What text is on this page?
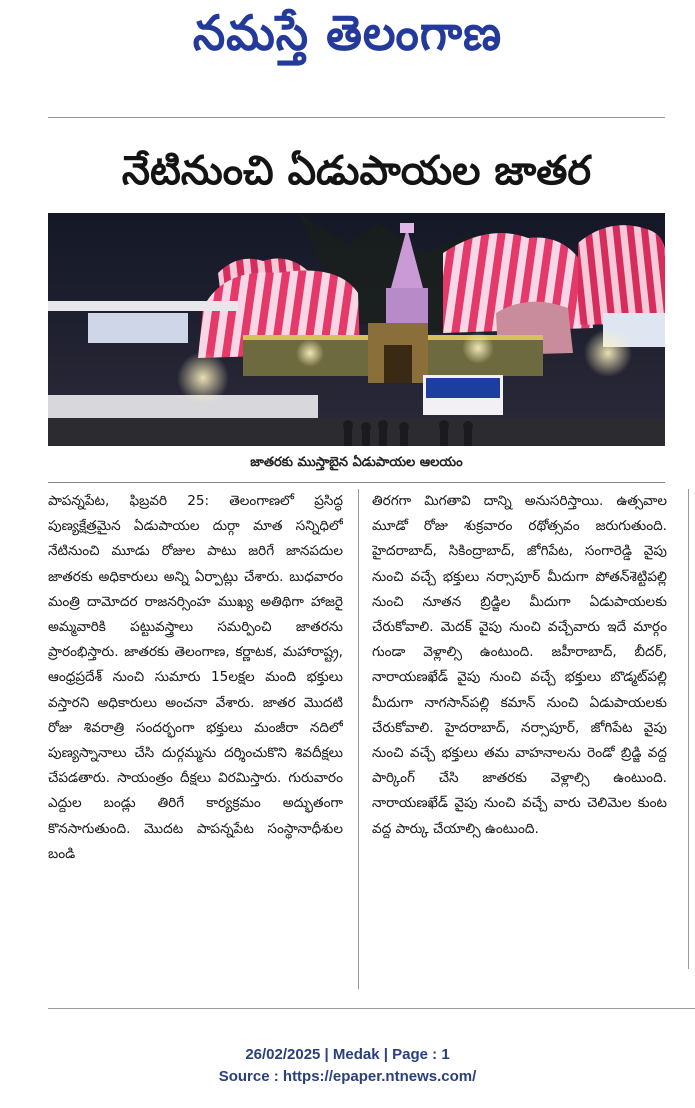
నమస్తే తెలంగాణ
నేటినుంచి ఏడుపాయల జాతర
జాతరకు ముస్తాబైన ఏడుపాయల ఆలయం

పాపన్నపేట, ఫిబ్రవరి 25: తెలంగాణలో ప్రసిద్ధ పుణ్యక్షేత్రమైన ఏడుపాయల దుర్గా మాత సన్నిధిలో నేటినుంచి మూడు రోజుల పాటు జరిగే జానపదుల జాతరకు అధికారులు అన్ని ఏర్పాట్లు చేశారు. బుధవారం మంత్రి దామోదర రాజనర్సింహ ముఖ్య అతిథిగా హాజరై అమ్మవారికి పట్టువస్త్రాలు సమర్పించి జాతరను ప్రారంభిస్తారు. జాతరకు తెలంగాణ, కర్ణాటక, మహారాష్ట్ర, ఆంధ్రప్రదేశ్ నుంచి సుమారు 15లక్షల మంది భక్తులు వస్తారని అధికారులు అంచనా వేశారు. జాతర మొదటి రోజు శివరాత్రి సందర్భంగా భక్తులు మంజీరా నదిలో పుణ్యస్నానాలు చేసి దుర్గమ్మను దర్శించుకొని శివదీక్షలు చేపడతారు. సాయంత్రం దీక్షలు విరమిస్తారు. గురువారం ఎద్దుల బండ్లు తిరిగే కార్యక్రమం అద్భుతంగా కొనసాగుతుంది. మొదట పాపన్నపేట సంస్థానాధీశుల బండి

తిరగగా మిగతావి దాన్ని అనుసరిస్తాయి. ఉత్సవాల మూడో రోజు శుక్రవారం రథోత్సవం జరుగుతుంది. హైదరాబాద్, సికింద్రాబాద్, జోగిపేట, సంగారెడ్డి వైపు నుంచి వచ్చే భక్తులు నర్సాపూర్ మీదుగా పోతన్‌శెట్టిపల్లి నుంచి నూతన బ్రిడ్జిల మీదుగా ఏడుపాయలకు చేరుకోవాలి. మెదక్ వైపు నుంచి వచ్చేవారు ఇదే మార్గం గుండా వెళ్లాల్సి ఉంటుంది. జహీరాబాద్, బీదర్, నారాయణఖేడ్ వైపు నుంచి వచ్చే భక్తులు బొడ్మట్‌పల్లి మీదుగా నాగసాన్‌పల్లి కమాన్ నుంచి ఏడుపాయలకు చేరుకోవాలి. హైదరాబాద్, నర్సాపూర్, జోగిపేట వైపు నుంచి వచ్చే భక్తులు తమ వాహనాలను రెండో బ్రిడ్జి వద్ద పార్కింగ్ చేసి జాతరకు వెళ్లాల్సి ఉంటుంది. నారాయణఖేడ్ వైపు నుంచి వచ్చే వారు చెలిమెల కుంట వద్ద పార్కు చేయాల్సి ఉంటుంది.

26/02/2025 | Medak | Page : 1
Source : https://epaper.ntnews.com/
